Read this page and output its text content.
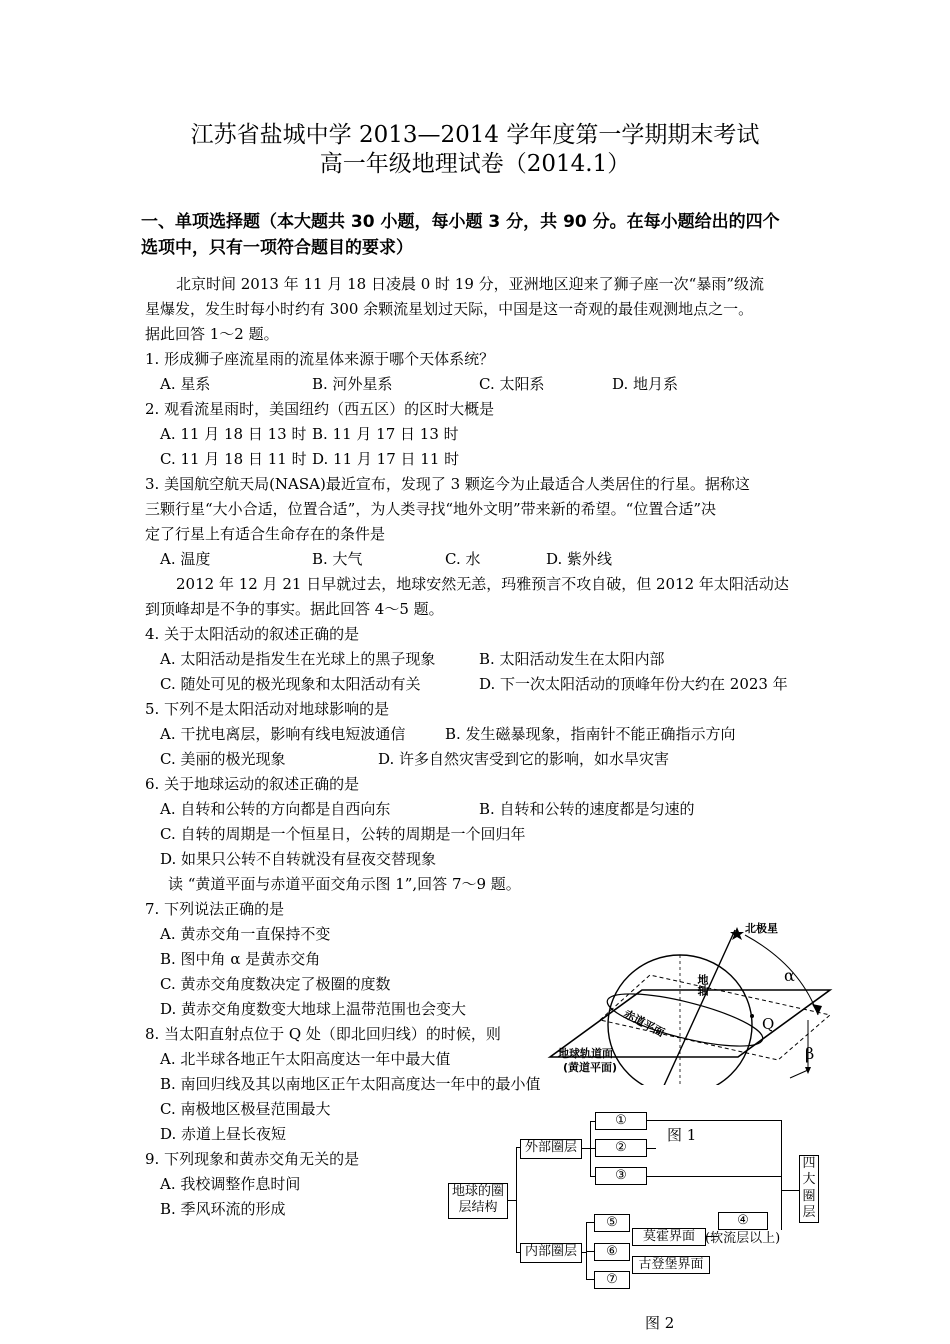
江苏省盐城中学 2013—2014 学年度第一学期期末考试
高一年级地理试卷（2014.1）
一、单项选择题（本大题共 30 小题，每小题 3 分，共 90 分。在每小题给出的四个
选项中，只有一项符合题目的要求）
北京时间 2013 年 11 月 18 日凌晨 0 时 19 分，亚洲地区迎来了狮子座一次“暴雨”级流
星爆发，发生时每小时约有 300 余颗流星划过天际，中国是这一奇观的最佳观测地点之一。
据此回答 1～2 题。
1. 形成狮子座流星雨的流星体来源于哪个天体系统？
A. 星系	B. 河外星系	C. 太阳系	D. 地月系
2. 观看流星雨时，美国纽约（西五区）的区时大概是
A. 11 月 18 日 13 时 B. 11 月 17 日 13 时
C. 11 月 18 日 11 时 D. 11 月 17 日 11 时
3. 美国航空航天局(NASA)最近宣布，发现了 3 颗迄今为止最适合人类居住的行星。据称这
三颗行星“大小合适，位置合适”，为人类寻找“地外文明”带来新的希望。“位置合适”决
定了行星上有适合生命存在的条件是
A. 温度	B. 大气	C. 水	D. 紫外线
2012 年 12 月 21 日早就过去，地球安然无恙，玛雅预言不攻自破，但 2012 年太阳活动达
到顶峰却是不争的事实。据此回答 4～5 题。
4. 关于太阳活动的叙述正确的是
A. 太阳活动是指发生在光球上的黑子现象	B. 太阳活动发生在太阳内部
C. 随处可见的极光现象和太阳活动有关	D. 下一次太阳活动的顶峰年份大约在 2023 年
5. 下列不是太阳活动对地球影响的是
A. 干扰电离层，影响有线电短波通信	B. 发生磁暴现象，指南针不能正确指示方向
C. 美丽的极光现象	D. 许多自然灾害受到它的影响，如水旱灾害
6. 关于地球运动的叙述正确的是
A. 自转和公转的方向都是自西向东	B. 自转和公转的速度都是匀速的
C. 自转的周期是一个恒星日，公转的周期是一个回归年
D. 如果只公转不自转就没有昼夜交替现象
读 “黄道平面与赤道平面交角示图 1”,回答 7～9 题。
7. 下列说法正确的是
A. 黄赤交角一直保持不变
B. 图中角 α 是黄赤交角
C. 黄赤交角度数决定了极圈的度数
D. 黄赤交角度数变大地球上温带范围也会变大
8. 当太阳直射点位于 Q 处（即北回归线）的时候，则
A. 北半球各地正午太阳高度达一年中最大值
B. 南回归线及其以南地区正午太阳高度达一年中的最小值
C. 南极地区极昼范围最大
D. 赤道上昼长夜短
9. 下列现象和黄赤交角无关的是
A. 我校调整作息时间
B. 季风环流的形成
北极星
地轴
赤道平面
地球轨道面
(黄道平面)
α
β
Q
图 1
地球的圈层结构
外部圈层
内部圈层
①
②
③
四大圈层
⑤
⑥
⑦
莫霍界面
古登堡界面
④
(软流层以上)
图 2
